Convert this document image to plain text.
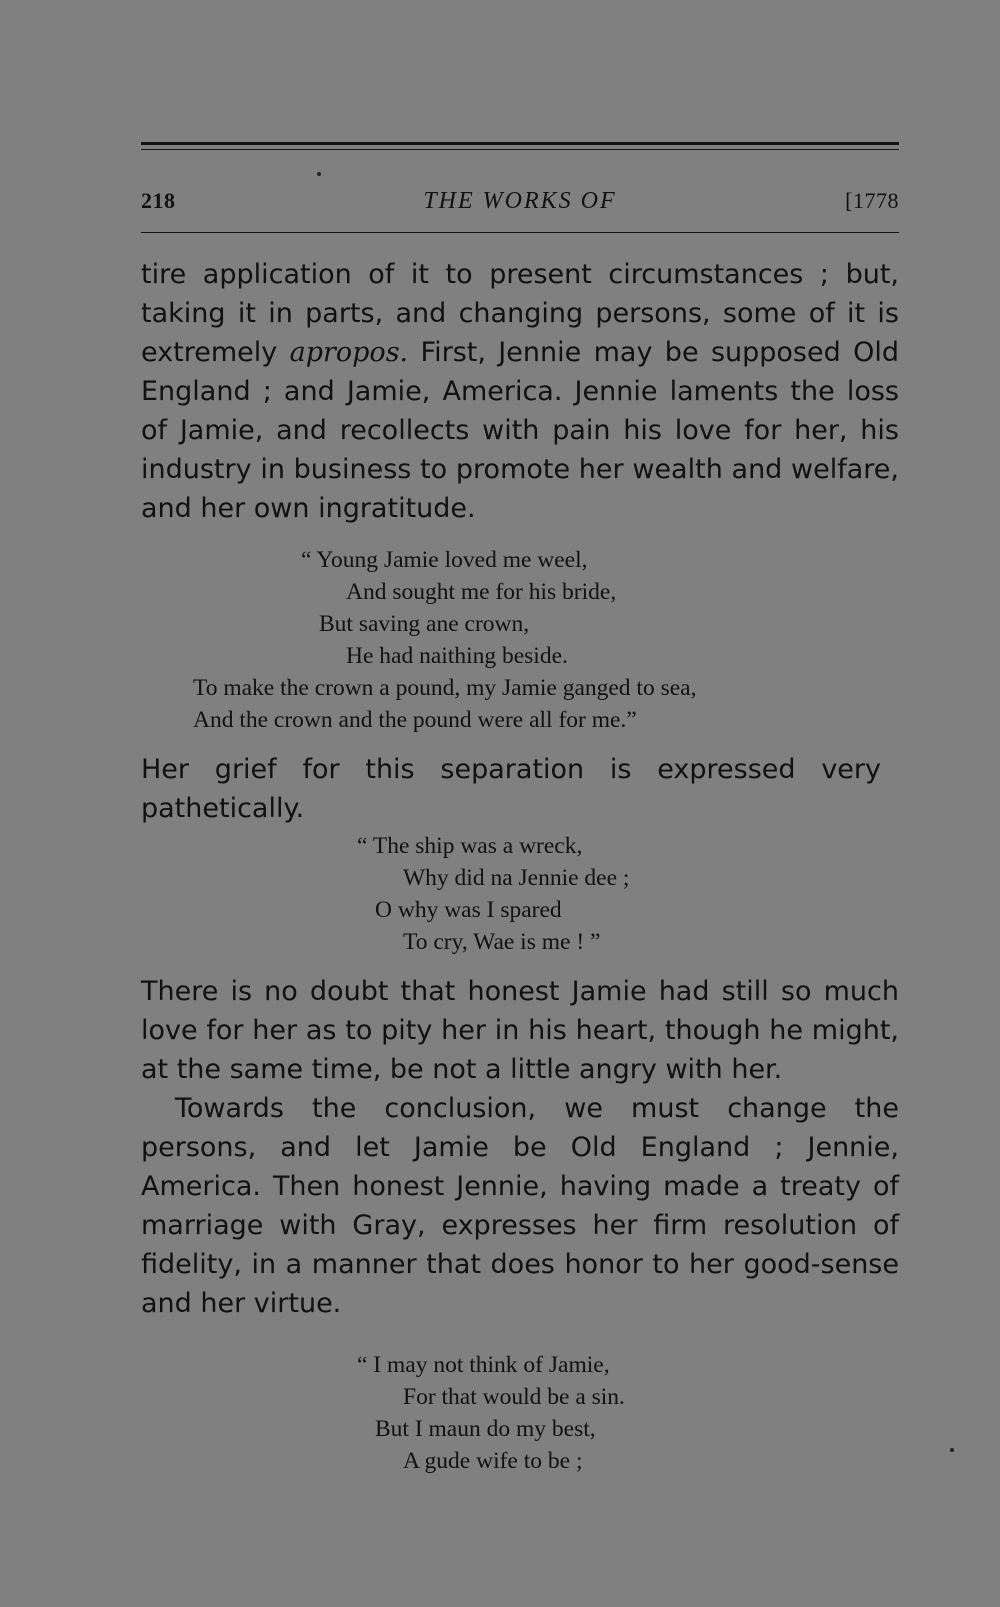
218	THE WORKS OF	[1778

tire application of it to present circumstances ; but, taking it in parts, and changing persons, some of it is extremely apropos. First, Jennie may be supposed Old England ; and Jamie, America. Jennie laments the loss of Jamie, and recollects with pain his love for her, his industry in business to promote her wealth and welfare, and her own ingratitude.

“ Young Jamie loved me weel,
And sought me for his bride,
But saving ane crown,
He had naithing beside.
To make the crown a pound, my Jamie ganged to sea,
And the crown and the pound were all for me.”

Her grief for this separation is expressed very pathetically.

“ The ship was a wreck,
Why did na Jennie dee ;
O why was I spared
To cry, Wae is me ! ”

There is no doubt that honest Jamie had still so much love for her as to pity her in his heart, though he might, at the same time, be not a little angry with her.

Towards the conclusion, we must change the persons, and let Jamie be Old England ; Jennie, America. Then honest Jennie, having made a treaty of marriage with Gray, expresses her firm resolution of fidelity, in a manner that does honor to her good-sense and her virtue.

“ I may not think of Jamie,
For that would be a sin.
But I maun do my best,
A gude wife to be ;
